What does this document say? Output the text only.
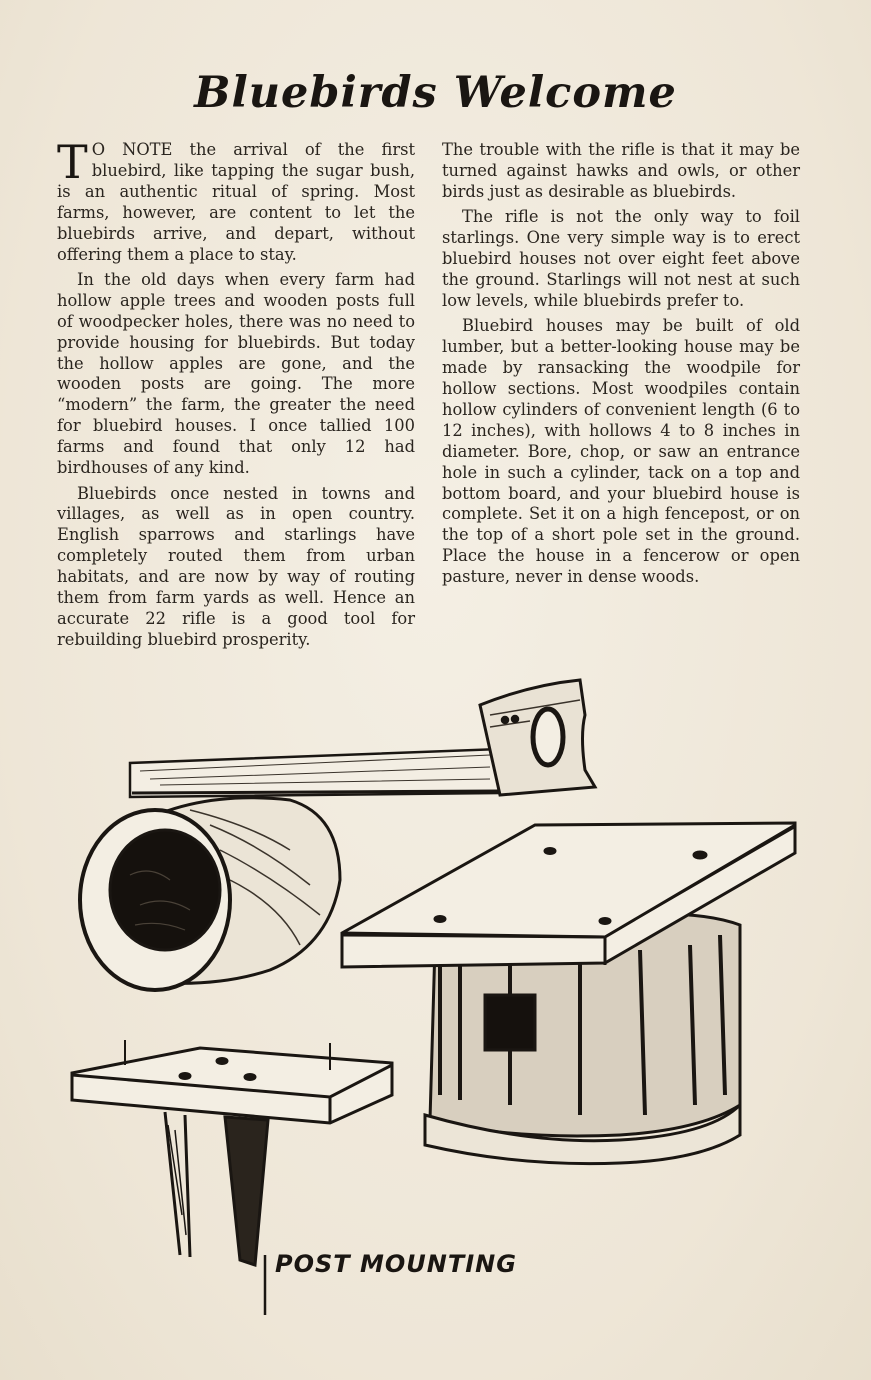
Bluebirds Welcome

T O NOTE the arrival of the first bluebird, like tapping the sugar bush, is an authentic ritual of spring. Most farms, however, are content to let the bluebirds arrive, and depart, without offering them a place to stay.

In the old days when every farm had hollow apple trees and wooden posts full of woodpecker holes, there was no need to provide housing for bluebirds. But today the hollow apples are gone, and the wooden posts are going. The more “modern” the farm, the greater the need for bluebird houses. I once tallied 100 farms and found that only 12 had birdhouses of any kind.

Bluebirds once nested in towns and villages, as well as in open country. English sparrows and starlings have completely routed them from urban habitats, and are now by way of routing them from farm yards as well. Hence an accurate 22 rifle is a good tool for rebuilding bluebird prosperity.

The trouble with the rifle is that it may be turned against hawks and owls, or other birds just as desirable as bluebirds.

The rifle is not the only way to foil starlings. One very simple way is to erect bluebird houses not over eight feet above the ground. Starlings will not nest at such low levels, while bluebirds prefer to.

Bluebird houses may be built of old lumber, but a better-looking house may be made by ransacking the woodpile for hollow sections. Most woodpiles contain hollow cylinders of convenient length (6 to 12 inches), with hollows 4 to 8 inches in diameter. Bore, chop, or saw an entrance hole in such a cylinder, tack on a top and bottom board, and your bluebird house is complete. Set it on a high fencepost, or on the top of a short pole set in the ground. Place the house in a fencerow or open pasture, never in dense woods.

POST MOUNTING
